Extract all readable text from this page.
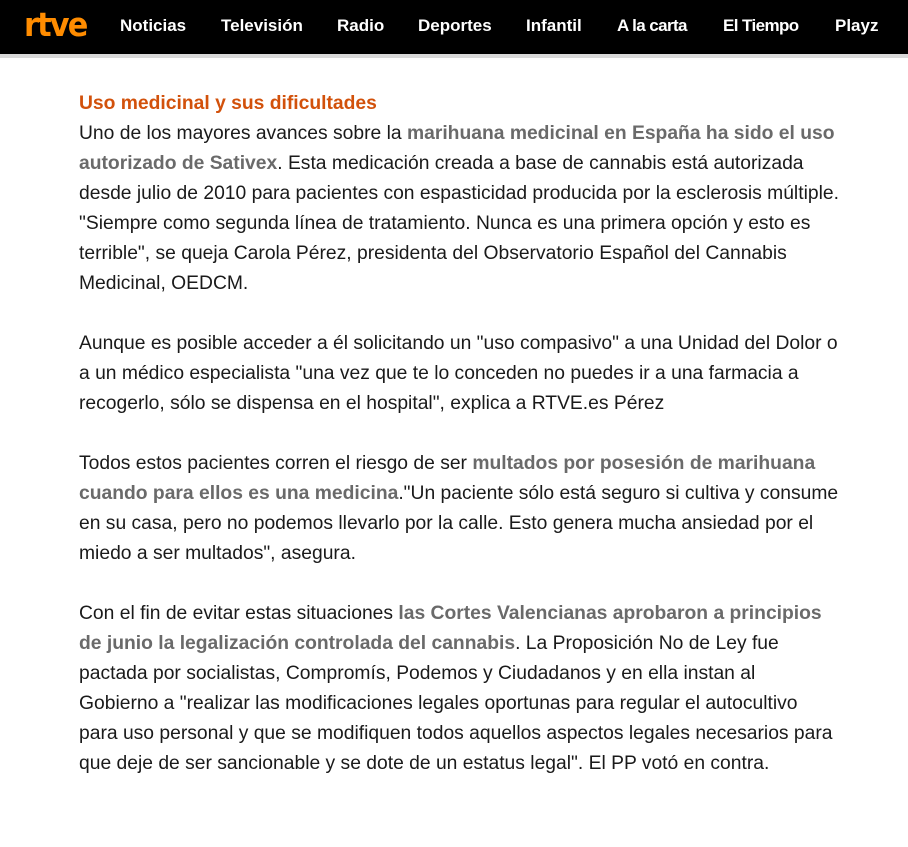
rtve Noticias Televisión Radio Deportes Infantil A la carta El Tiempo Playz
Uso medicinal y sus dificultades

Uno de los mayores avances sobre la marihuana medicinal en España ha sido el uso autorizado de Sativex. Esta medicación creada a base de cannabis está autorizada desde julio de 2010 para pacientes con espasticidad producida por la esclerosis múltiple. "Siempre como segunda línea de tratamiento. Nunca es una primera opción y esto es terrible", se queja Carola Pérez, presidenta del Observatorio Español del Cannabis Medicinal, OEDCM.

Aunque es posible acceder a él solicitando un "uso compasivo" a una Unidad del Dolor o a un médico especialista "una vez que te lo conceden no puedes ir a una farmacia a recogerlo, sólo se dispensa en el hospital", explica a RTVE.es Pérez

Todos estos pacientes corren el riesgo de ser multados por posesión de marihuana cuando para ellos es una medicina."Un paciente sólo está seguro si cultiva y consume en su casa, pero no podemos llevarlo por la calle. Esto genera mucha ansiedad por el miedo a ser multados", asegura.

Con el fin de evitar estas situaciones las Cortes Valencianas aprobaron a principios de junio la legalización controlada del cannabis. La Proposición No de Ley fue pactada por socialistas, Compromís, Podemos y Ciudadanos y en ella instan al Gobierno a "realizar las modificaciones legales oportunas para regular el autocultivo para uso personal y que se modifiquen todos aquellos aspectos legales necesarios para que deje de ser sancionable y se dote de un estatus legal". El PP votó en contra.
